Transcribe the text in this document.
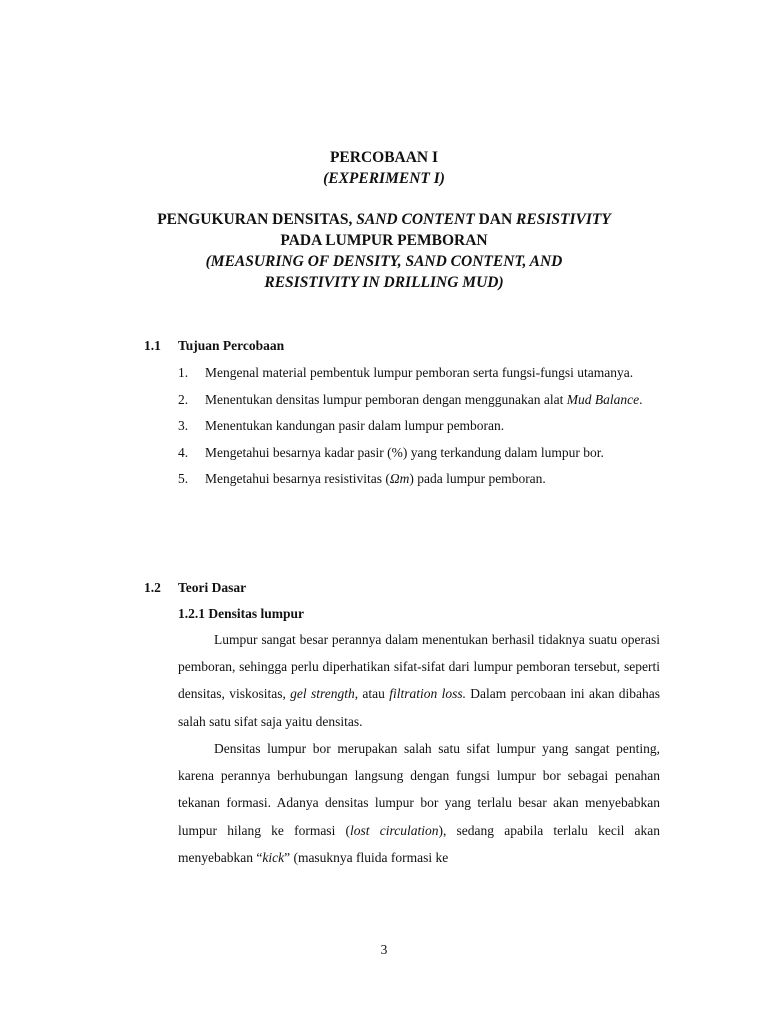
PERCOBAAN I
(EXPERIMENT I)
PENGUKURAN DENSITAS, SAND CONTENT DAN RESISTIVITY
PADA LUMPUR PEMBORAN
(MEASURING OF DENSITY, SAND CONTENT, AND
RESISTIVITY IN DRILLING MUD)
1.1 Tujuan Percobaan
1. Mengenal material pembentuk lumpur pemboran serta fungsi-fungsi utamanya.
2. Menentukan densitas lumpur pemboran dengan menggunakan alat Mud Balance.
3. Menentukan kandungan pasir dalam lumpur pemboran.
4. Mengetahui besarnya kadar pasir (%) yang terkandung dalam lumpur bor.
5. Mengetahui besarnya resistivitas (Ωm) pada lumpur pemboran.
1.2 Teori Dasar
1.2.1 Densitas lumpur

Lumpur sangat besar perannya dalam menentukan berhasil tidaknya suatu operasi pemboran, sehingga perlu diperhatikan sifat-sifat dari lumpur pemboran tersebut, seperti densitas, viskositas, gel strength, atau filtration loss. Dalam percobaan ini akan dibahas salah satu sifat saja yaitu densitas.

Densitas lumpur bor merupakan salah satu sifat lumpur yang sangat penting, karena perannya berhubungan langsung dengan fungsi lumpur bor sebagai penahan tekanan formasi. Adanya densitas lumpur bor yang terlalu besar akan menyebabkan lumpur hilang ke formasi (lost circulation), sedang apabila terlalu kecil akan menyebabkan “kick” (masuknya fluida formasi ke

3
